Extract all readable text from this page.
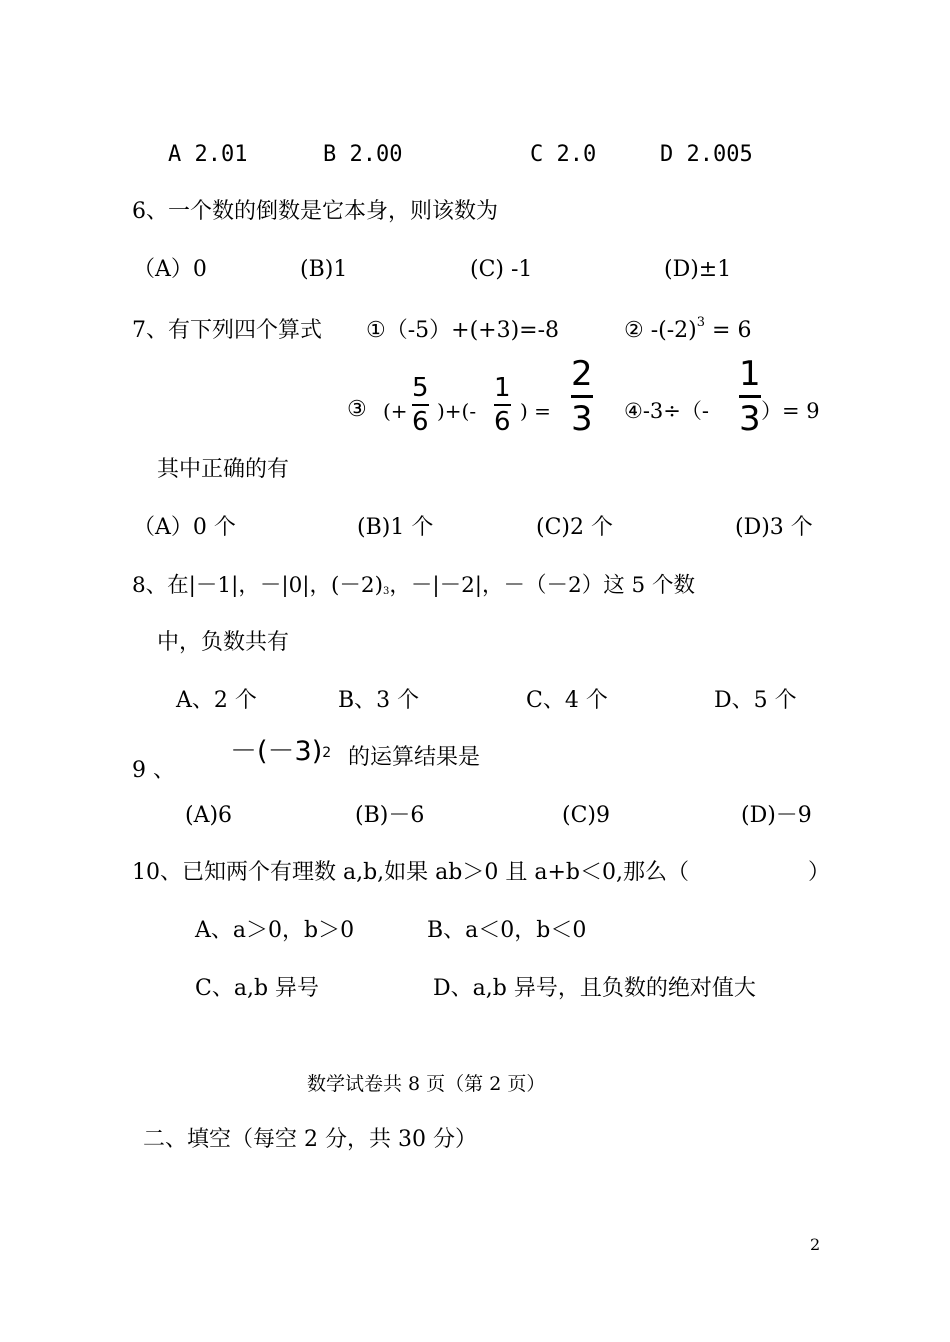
A 2.01	B 2.00	C 2.0	D 2.005
6、一个数的倒数是它本身，则该数为
（A）0	(B)1	(C) -1	(D)±1
7、有下列四个算式 ①（-5）+(+3)=-8	② $-(-2)^3 = 6$
③ (+
5
6 )+(-
1
6 ) =
2
3 ④-3÷（-
1
3 ）= 9
其中正确的有
（A）0 个	(B)1 个	(C)2 个	(D)3 个
8、在|－1|，－|0|，(－2)3，－|－2|，－（－2）这 5 个数
中，负数共有
A、2 个	B、3 个	C、4 个	D、5 个
9 、
－(－3)2 的运算结果是
(A)6	(B)－6	(C)9	(D)－9
10、已知两个有理数 a,b,如果 ab＞0 且 a+b＜0,那么（	）
A、a＞0，b＞0	B、a＜0，b＜0
C、a,b 异号	D、a,b 异号，且负数的绝对值大
数学试卷共 8 页（第 2 页）
二、填空（每空 2 分，共 30 分）
2
